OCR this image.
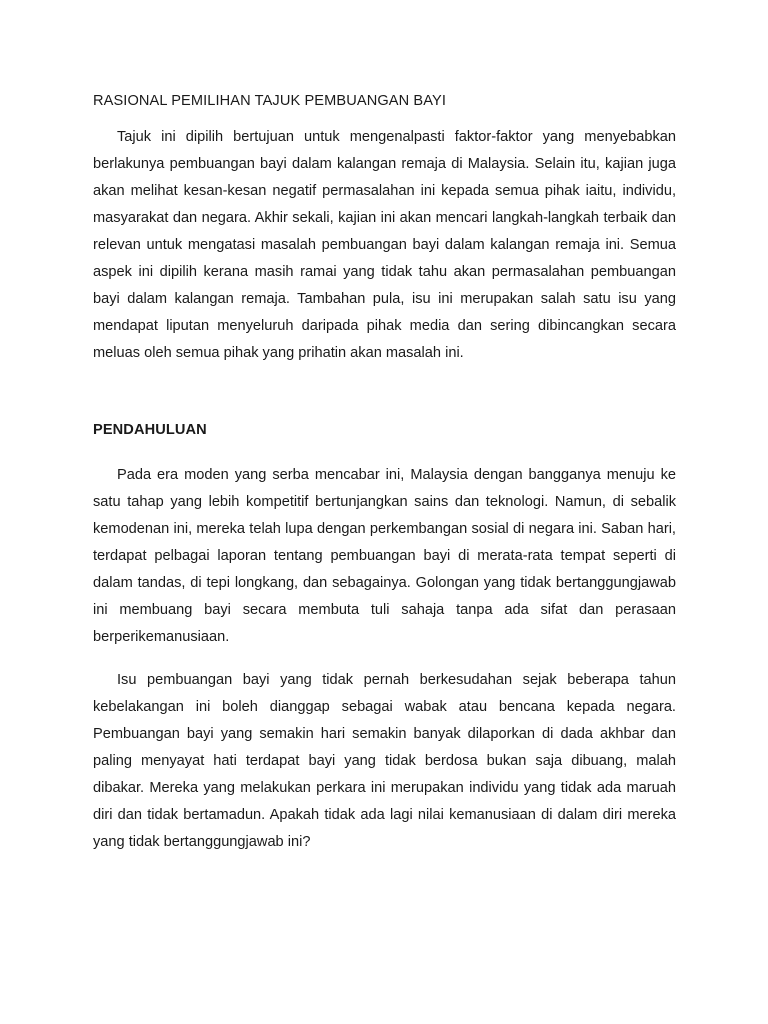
RASIONAL PEMILIHAN TAJUK PEMBUANGAN BAYI

Tajuk ini dipilih bertujuan untuk mengenalpasti faktor-faktor yang menyebabkan berlakunya pembuangan bayi dalam kalangan remaja di Malaysia. Selain itu, kajian juga akan melihat kesan-kesan negatif permasalahan ini kepada semua pihak iaitu, individu, masyarakat dan negara. Akhir sekali, kajian ini akan mencari langkah-langkah terbaik dan relevan untuk mengatasi masalah pembuangan bayi dalam kalangan remaja ini. Semua aspek ini dipilih kerana masih ramai yang tidak tahu akan permasalahan pembuangan bayi dalam kalangan remaja. Tambahan pula, isu ini merupakan salah satu isu yang mendapat liputan menyeluruh daripada pihak media dan sering dibincangkan secara meluas oleh semua pihak yang prihatin akan masalah ini.

PENDAHULUAN

Pada era moden yang serba mencabar ini, Malaysia dengan bangganya menuju ke satu tahap yang lebih kompetitif bertunjangkan sains dan teknologi. Namun, di sebalik kemodenan ini, mereka telah lupa dengan perkembangan sosial di negara ini. Saban hari, terdapat pelbagai laporan tentang pembuangan bayi di merata-rata tempat seperti di dalam tandas, di tepi longkang, dan sebagainya. Golongan yang tidak bertanggungjawab ini membuang bayi secara membuta tuli sahaja tanpa ada sifat dan perasaan berperikemanusiaan.

Isu pembuangan bayi yang tidak pernah berkesudahan sejak beberapa tahun kebelakangan ini boleh dianggap sebagai wabak atau bencana kepada negara. Pembuangan bayi yang semakin hari semakin banyak dilaporkan di dada akhbar dan paling menyayat hati terdapat bayi yang tidak berdosa bukan saja dibuang, malah dibakar. Mereka yang melakukan perkara ini merupakan individu yang tidak ada maruah diri dan tidak bertamadun. Apakah tidak ada lagi nilai kemanusiaan di dalam diri mereka yang tidak bertanggungjawab ini?
